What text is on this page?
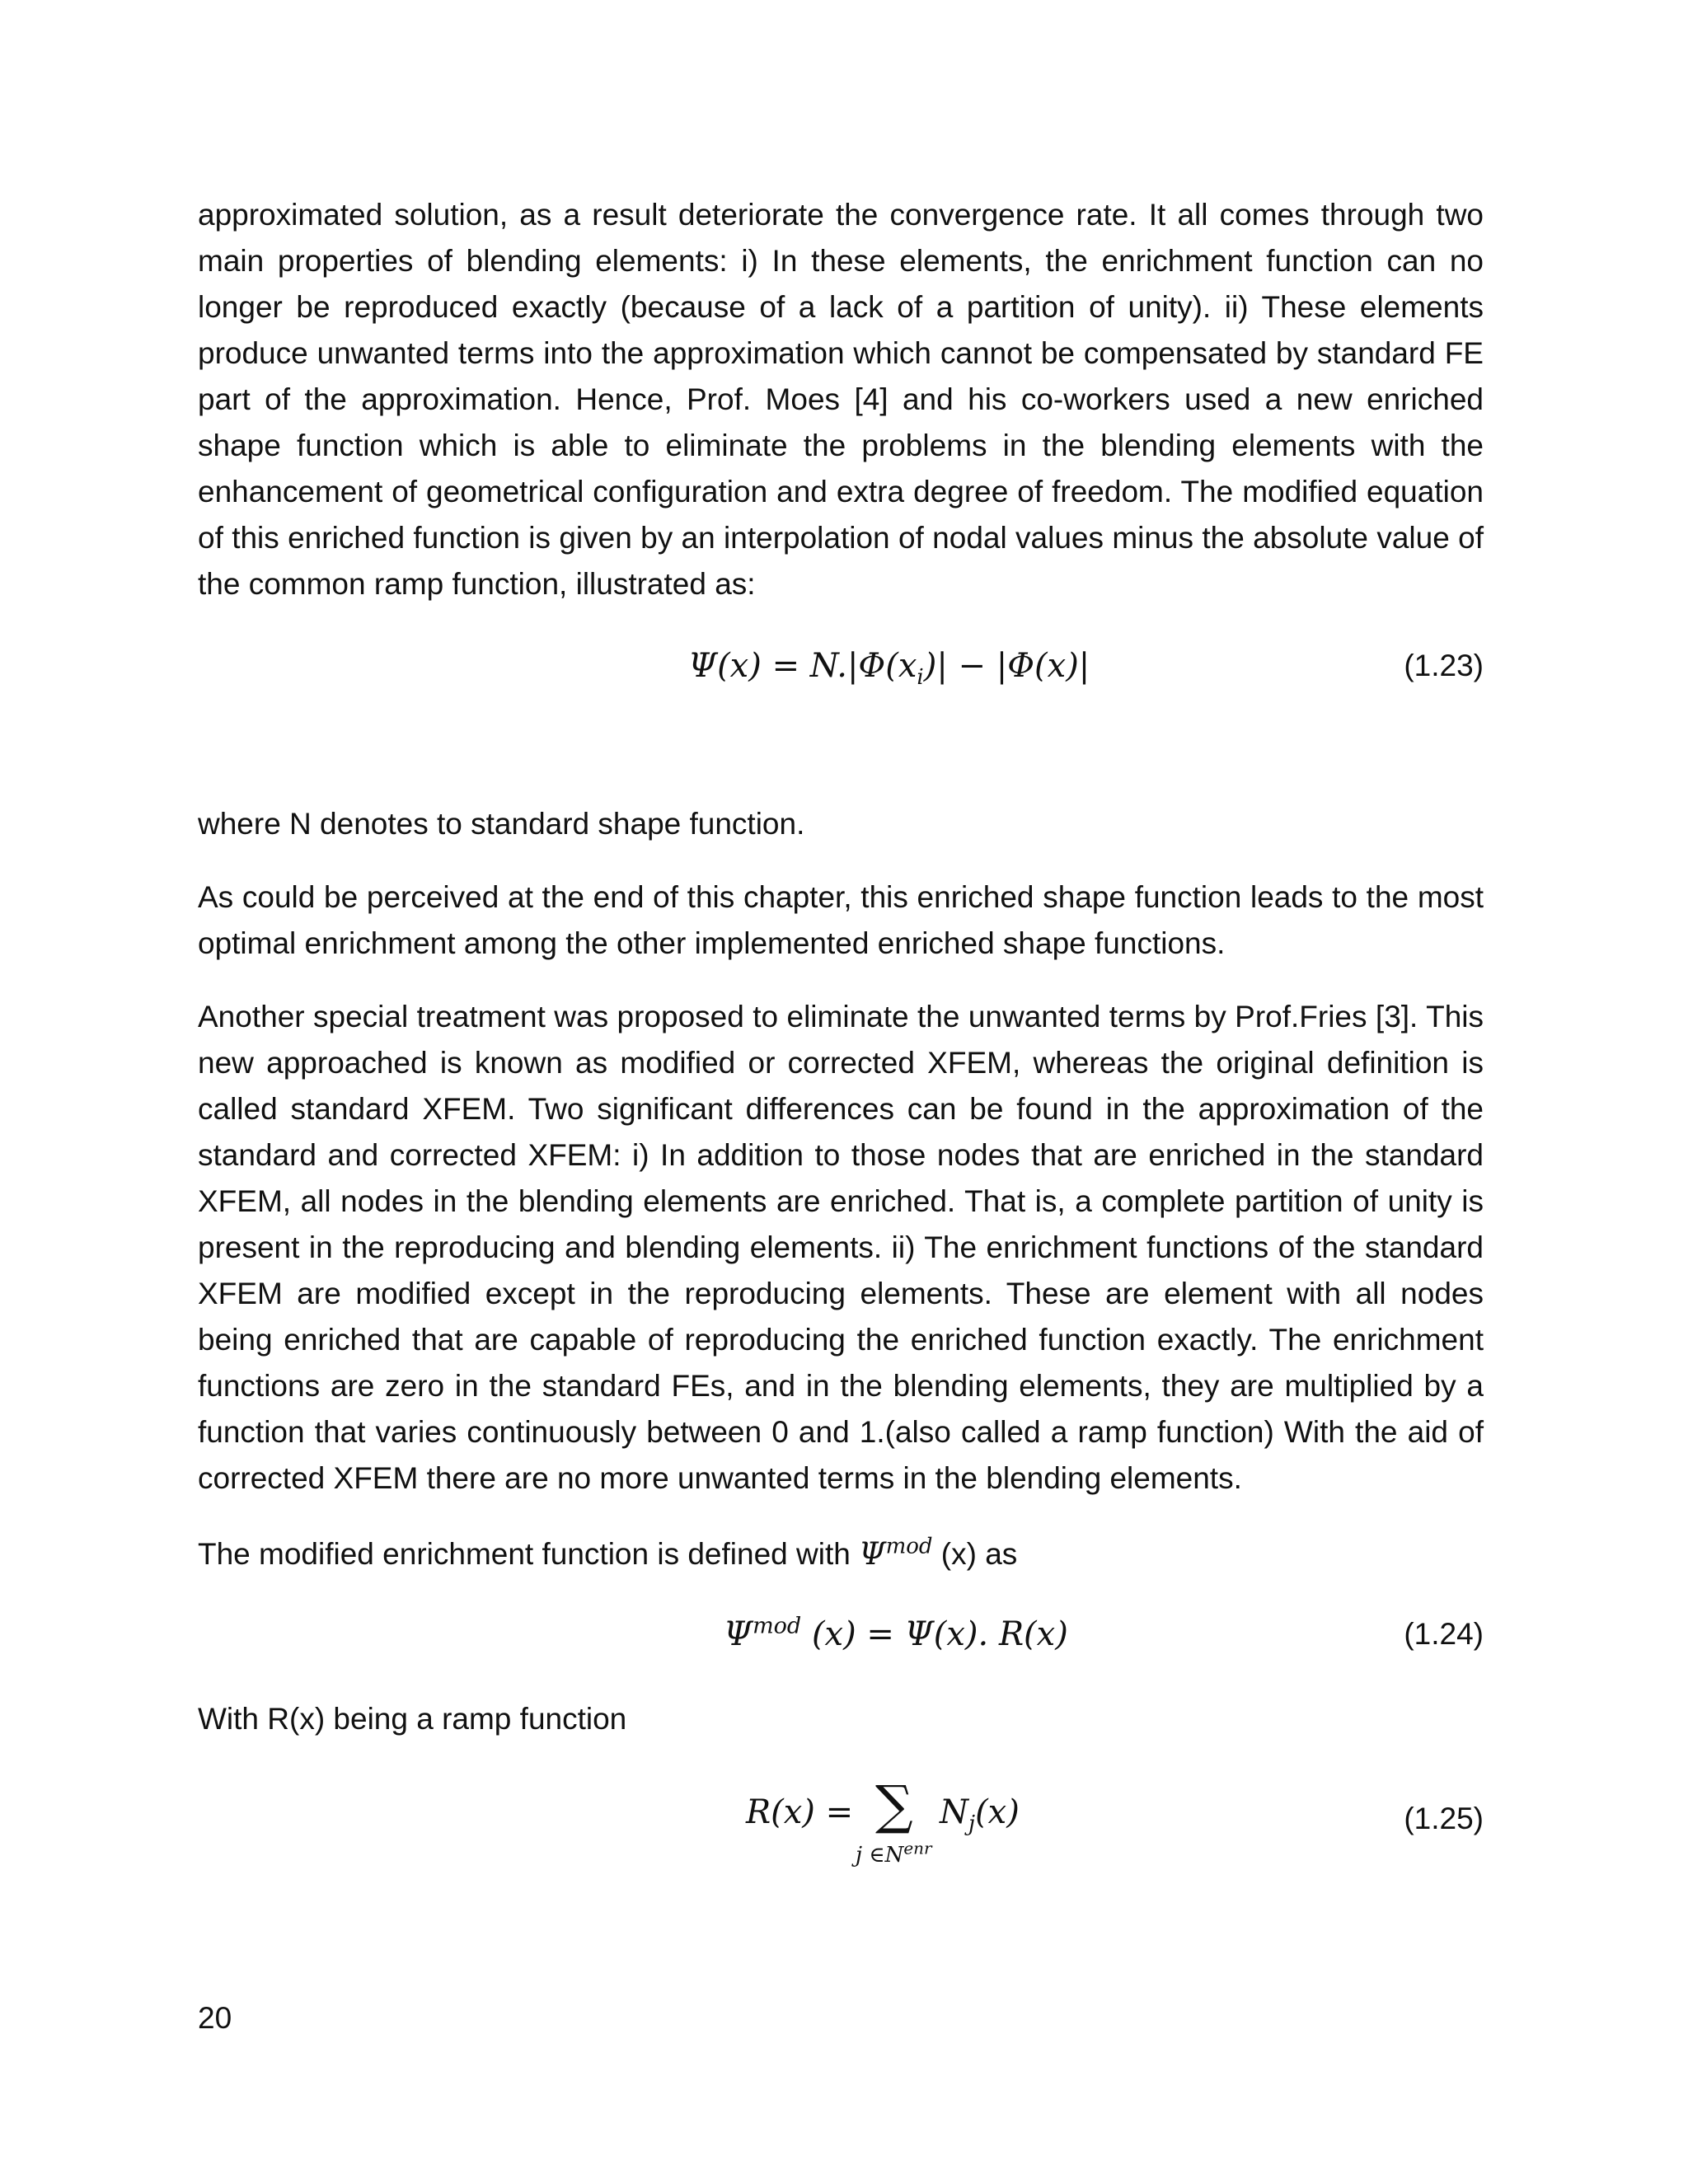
approximated solution, as a result deteriorate the convergence rate. It all comes through two main properties of blending elements: i) In these elements, the enrichment function can no longer be reproduced exactly (because of a lack of a partition of unity). ii) These elements produce unwanted terms into the approximation which cannot be compensated by standard FE part of the approximation. Hence, Prof. Moes [4] and his co-workers used a new enriched shape function which is able to eliminate the problems in the blending elements with the enhancement of geometrical configuration and extra degree of freedom. The modified equation of this enriched function is given by an interpolation of nodal values minus the absolute value of the common ramp function, illustrated as:

$\Psi(x) = N.|\Phi(x_i)| - |\Phi(x)|$	(1.23)

where N denotes to standard shape function.

As could be perceived at the end of this chapter, this enriched shape function leads to the most optimal enrichment among the other implemented enriched shape functions.

Another special treatment was proposed to eliminate the unwanted terms by Prof.Fries [3]. This new approached is known as modified or corrected XFEM, whereas the original definition is called standard XFEM. Two significant differences can be found in the approximation of the standard and corrected XFEM: i) In addition to those nodes that are enriched in the standard XFEM, all nodes in the blending elements are enriched. That is, a complete partition of unity is present in the reproducing and blending elements. ii) The enrichment functions of the standard XFEM are modified except in the reproducing elements. These are element with all nodes being enriched that are capable of reproducing the enriched function exactly. The enrichment functions are zero in the standard FEs, and in the blending elements, they are multiplied by a function that varies continuously between 0 and 1.(also called a ramp function) With the aid of corrected XFEM there are no more unwanted terms in the blending elements.

The modified enrichment function is defined with $\Psi^{mod}$ (x) as

$\Psi^{mod}$ (x) = Ψ(x). R(x)	(1.24)

With R(x) being a ramp function

R(x) = ∑
j $\in N^{enr}$
$N_j(x)$	(1.25)
20
